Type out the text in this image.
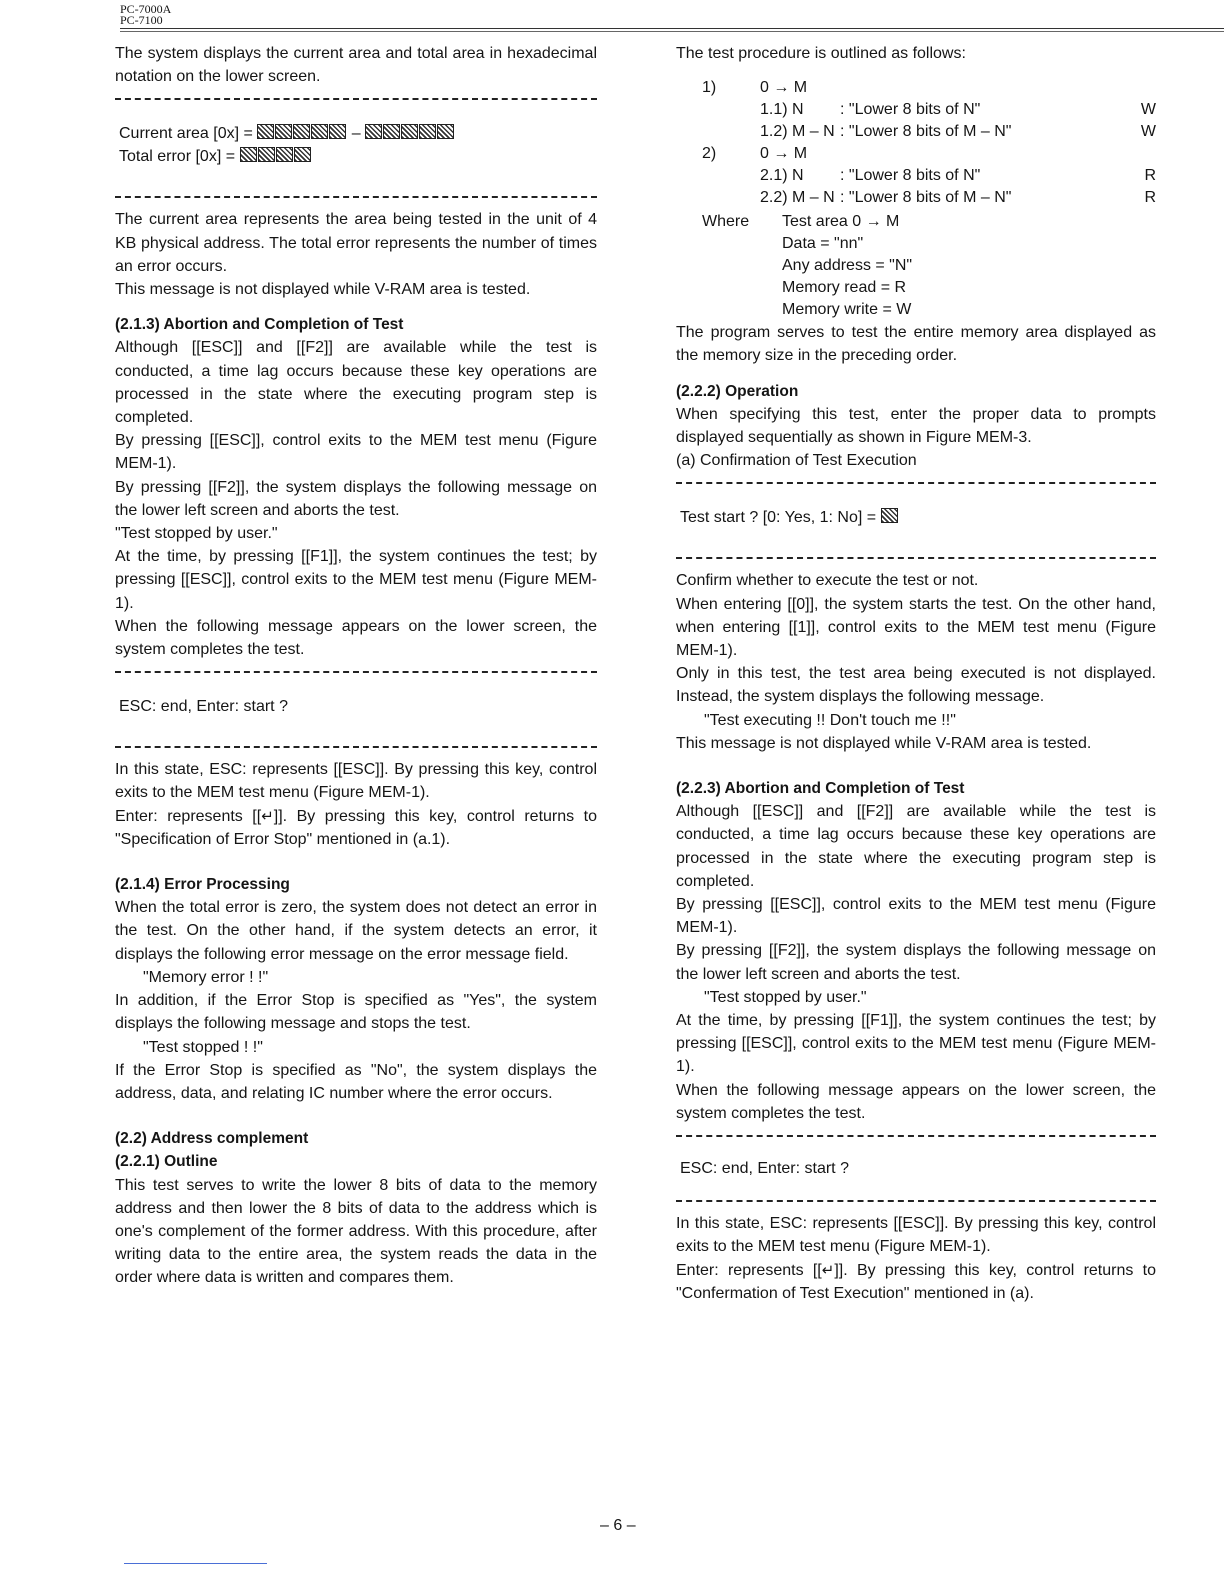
PC-7000A
PC-7100

The system displays the current area and total area in hexadecimal notation on the lower screen.

Current area [0x] =	–
Total error [0x] =

The current area represents the area being tested in the unit of 4 KB physical address. The total error represents the number of times an error occurs.

This message is not displayed while V-RAM area is tested.

(2.1.3) Abortion and Completion of Test

Although [[ESC]] and [[F2]] are available while the test is conducted, a time lag occurs because these key operations are processed in the state where the executing program step is completed.

By pressing [[ESC]], control exits to the MEM test menu (Figure MEM-1).

By pressing [[F2]], the system displays the following message on the lower left screen and aborts the test.

"Test stopped by user."

At the time, by pressing [[F1]], the system continues the test; by pressing [[ESC]], control exits to the MEM test menu (Figure MEM-1).

When the following message appears on the lower screen, the system completes the test.

ESC: end, Enter: start ?

In this state, ESC: represents [[ESC]]. By pressing this key, control exits to the MEM test menu (Figure MEM-1).

Enter: represents [[↵]]. By pressing this key, control returns to "Specification of Error Stop" mentioned in (a.1).

(2.1.4) Error Processing

When the total error is zero, the system does not detect an error in the test. On the other hand, if the system detects an error, it displays the following error message on the error message field.

"Memory error ! !"

In addition, if the Error Stop is specified as "Yes", the system displays the following message and stops the test.

"Test stopped ! !"

If the Error Stop is specified as "No", the system displays the address, data, and relating IC number where the error occurs.

(2.2) Address complement
(2.2.1) Outline

This test serves to write the lower 8 bits of data to the memory address and then lower the 8 bits of data to the address which is one's complement of the former address. With this procedure, after writing data to the entire area, the system reads the data in the order where data is written and compares them.

The test procedure is outlined as follows:

1)	0 → M
1.1) N	: "Lower 8 bits of N"	W
1.2) M – N : "Lower 8 bits of M – N"	W
2)	0 → M
2.1) N	: "Lower 8 bits of N"	R
2.2) M – N : "Lower 8 bits of M – N"	R
Where	Test area 0 → M
Data = "nn"
Any address = "N"
Memory read = R
Memory write = W

The program serves to test the entire memory area displayed as the memory size in the preceding order.

(2.2.2) Operation

When specifying this test, enter the proper data to prompts displayed sequentially as shown in Figure MEM-3.

(a) Confirmation of Test Execution

Test start ? [0: Yes, 1: No] =

Confirm whether to execute the test or not.

When entering [[0]], the system starts the test. On the other hand, when entering [[1]], control exits to the MEM test menu (Figure MEM-1).

Only in this test, the test area being executed is not displayed. Instead, the system displays the following message.

"Test executing !! Don't touch me !!"

This message is not displayed while V-RAM area is tested.

(2.2.3) Abortion and Completion of Test

Although [[ESC]] and [[F2]] are available while the test is conducted, a time lag occurs because these key operations are processed in the state where the executing program step is completed.

By pressing [[ESC]], control exits to the MEM test menu (Figure MEM-1).

By pressing [[F2]], the system displays the following message on the lower left screen and aborts the test.

"Test stopped by user."

At the time, by pressing [[F1]], the system continues the test; by pressing [[ESC]], control exits to the MEM test menu (Figure MEM-1).

When the following message appears on the lower screen, the system completes the test.

ESC: end, Enter: start ?

In this state, ESC: represents [[ESC]]. By pressing this key, control exits to the MEM test menu (Figure MEM-1).

Enter: represents [[↵]]. By pressing this key, control returns to "Confermation of Test Execution" mentioned in (a).

– 6 –
